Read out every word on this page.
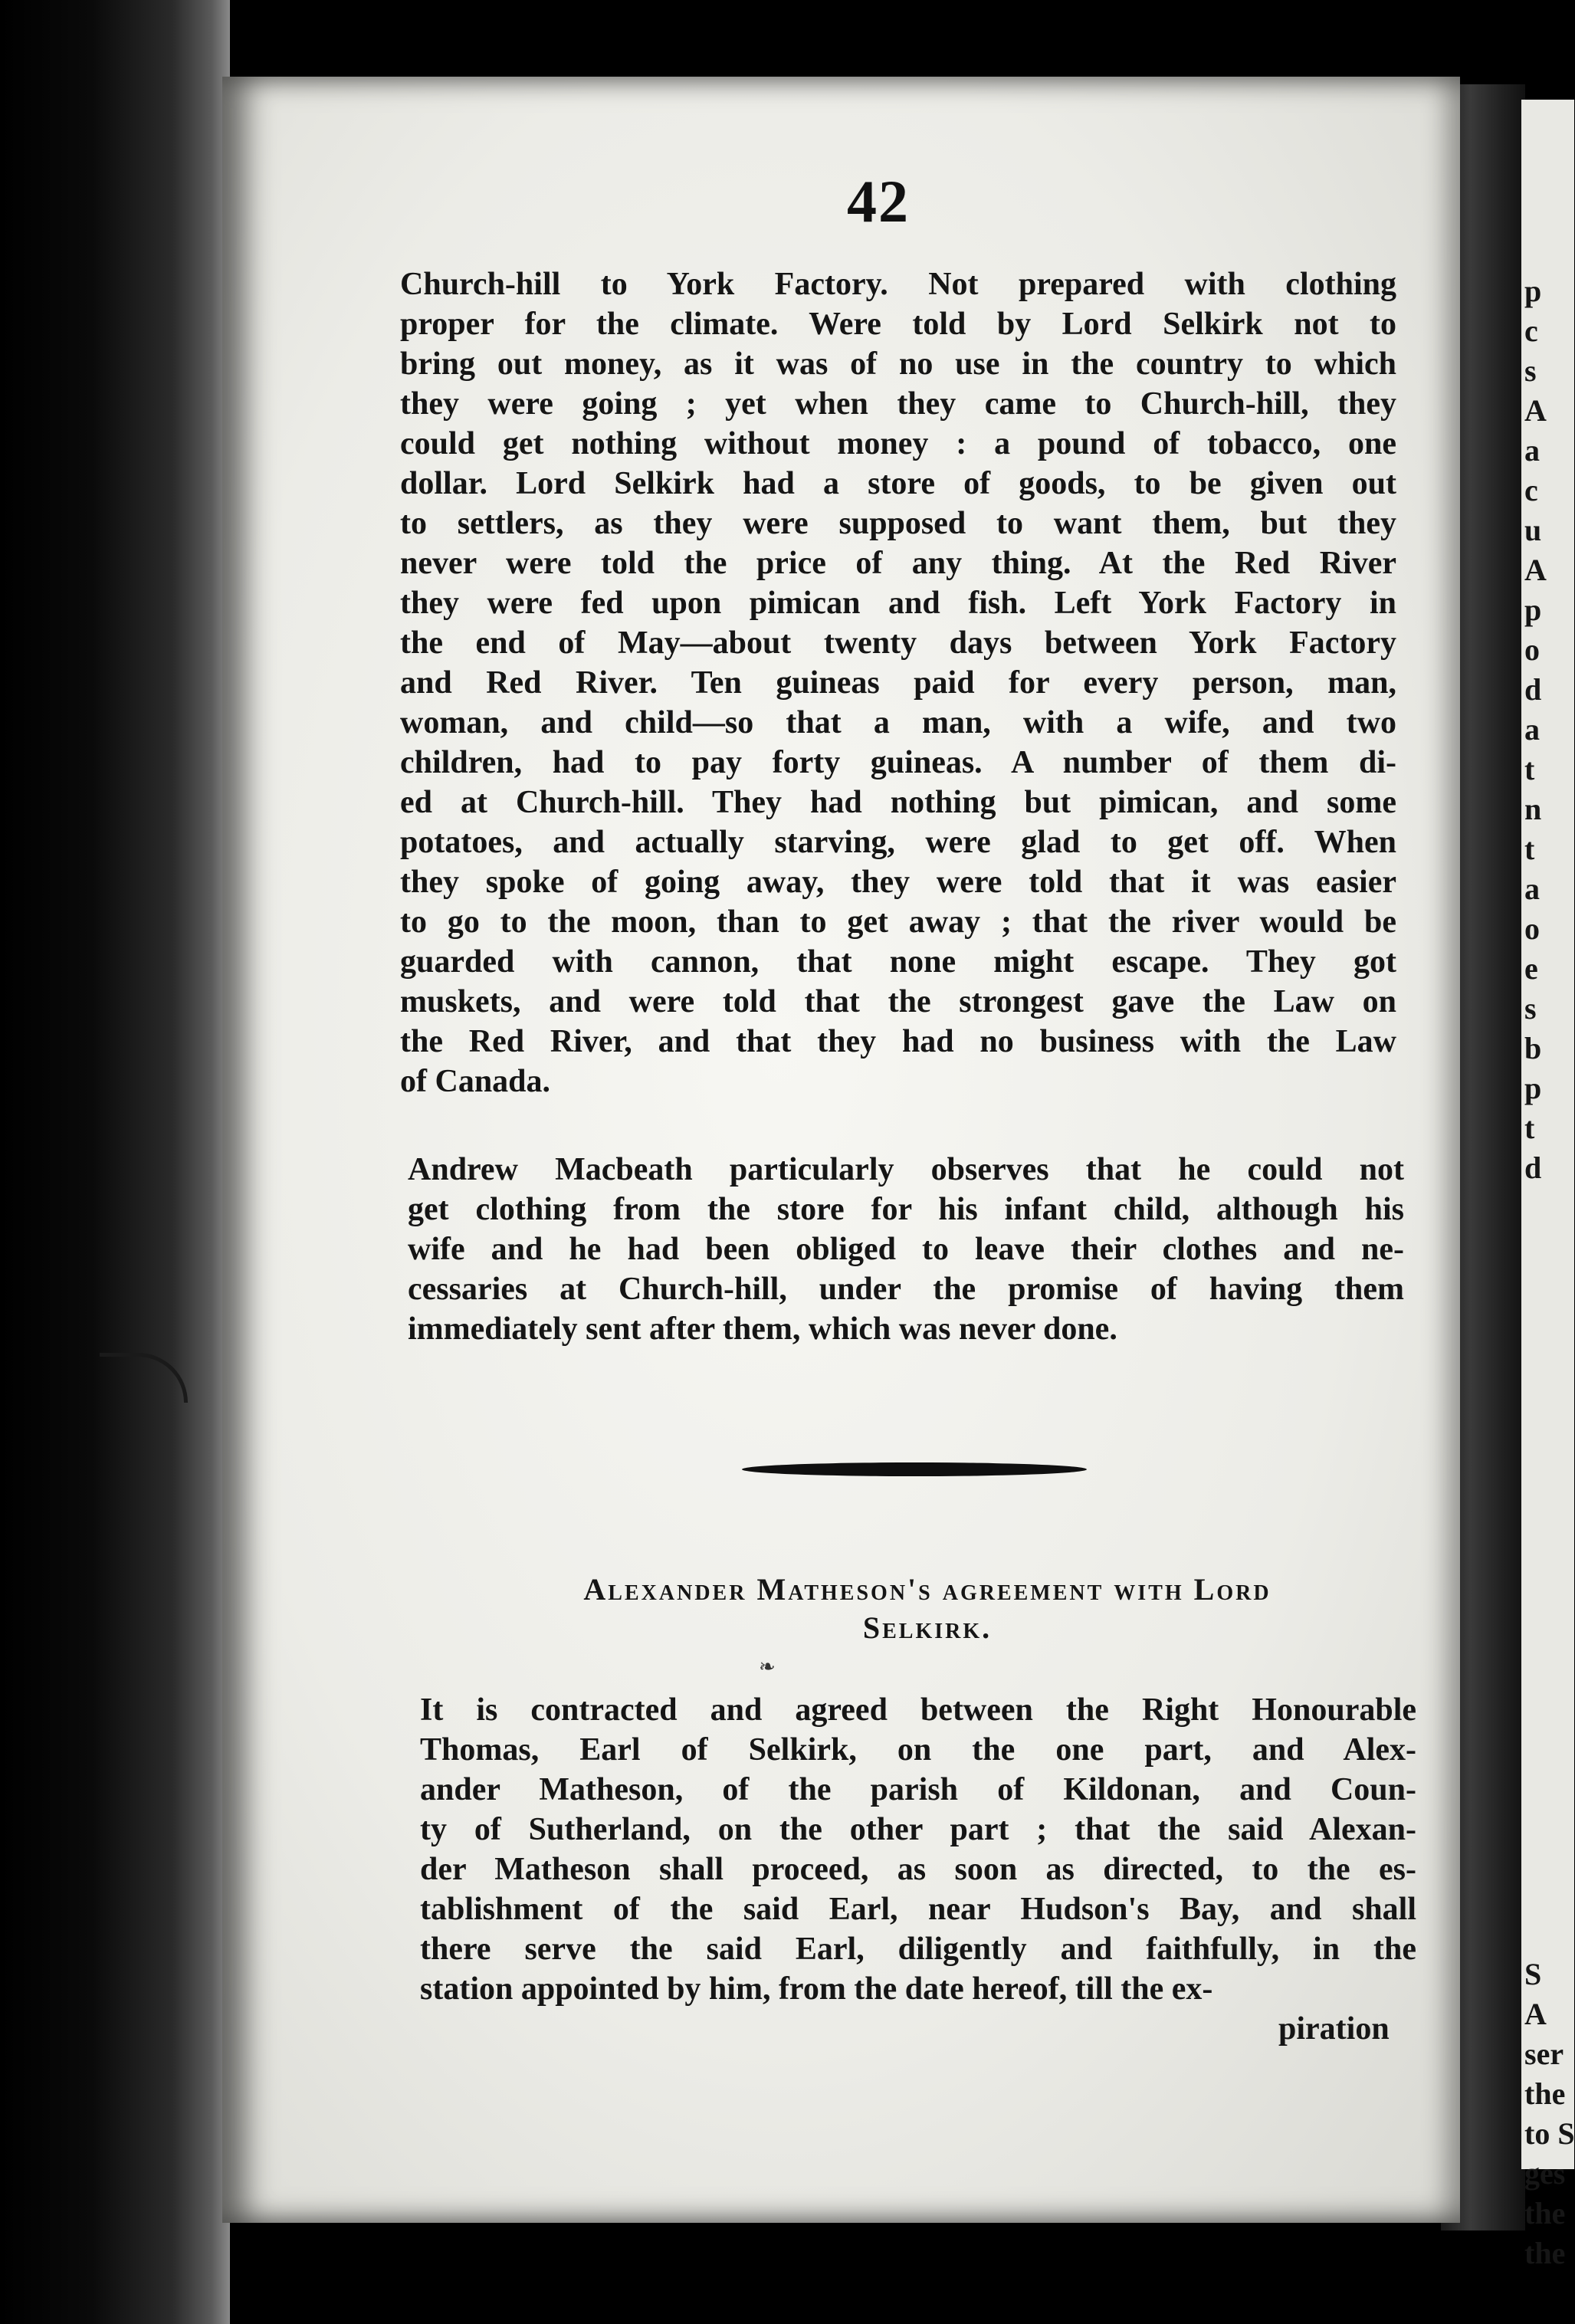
p
c
s
A
a
c
u
A
p
o
d
a
t
n
t
a
o
e
s
b
p
t
d
S
A
ser
the
to S
ges
the
the
42
Church-hill to York Factory. Not prepared with clothing
proper for the climate. Were told by Lord Selkirk not to
bring out money, as it was of no use in the country to which
they were going ; yet when they came to Church-hill, they
could get nothing without money : a pound of tobacco, one
dollar. Lord Selkirk had a store of goods, to be given out
to settlers, as they were supposed to want them, but they
never were told the price of any thing. At the Red River
they were fed upon pimican and fish. Left York Factory in
the end of May—about twenty days between York Factory
and Red River. Ten guineas paid for every person, man,
woman, and child—so that a man, with a wife, and two
children, had to pay forty guineas. A number of them di-
ed at Church-hill. They had nothing but pimican, and some
potatoes, and actually starving, were glad to get off. When
they spoke of going away, they were told that it was easier
to go to the moon, than to get away ; that the river would be
guarded with cannon, that none might escape. They got
muskets, and were told that the strongest gave the Law on
the Red River, and that they had no business with the Law
of Canada.
Andrew Macbeath particularly observes that he could not
get clothing from the store for his infant child, although his
wife and he had been obliged to leave their clothes and ne-
cessaries at Church-hill, under the promise of having them
immediately sent after them, which was never done.
Alexander Matheson's agreement with Lord
Selkirk.
❧
It is contracted and agreed between the Right Honourable
Thomas, Earl of Selkirk, on the one part, and Alex-
ander Matheson, of the parish of Kildonan, and Coun-
ty of Sutherland, on the other part ; that the said Alexan-
der Matheson shall proceed, as soon as directed, to the es-
tablishment of the said Earl, near Hudson's Bay, and shall
there serve the said Earl, diligently and faithfully, in the
station appointed by him, from the date hereof, till the ex-
piration
